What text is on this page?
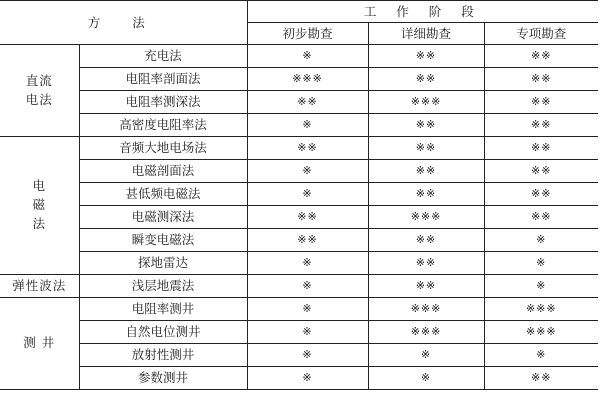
方 法		工 作 阶 段		
		初步勘查	详细勘查	专项勘查
直流
电法	充电法	※	※※	※※
	电阻率剖面法	※※※	※※	※※
	电阻率测深法	※※	※※※	※※
	高密度电阻率法	※	※※	※※
电
磁
法	音频大地电场法	※※	※※	※※
	电磁剖面法	※	※※	※※
	甚低频电磁法	※	※※	※※
	电磁测深法	※※	※※※	※※
	瞬变电磁法	※※	※※	※
	探地雷达	※	※※	※
弹性波法	浅层地震法	※	※※	※
测 井	电阻率测井	※	※※※	※※※
	自然电位测井	※	※※※	※※※
	放射性测井	※	※	※
	参数测井	※	※	※※
